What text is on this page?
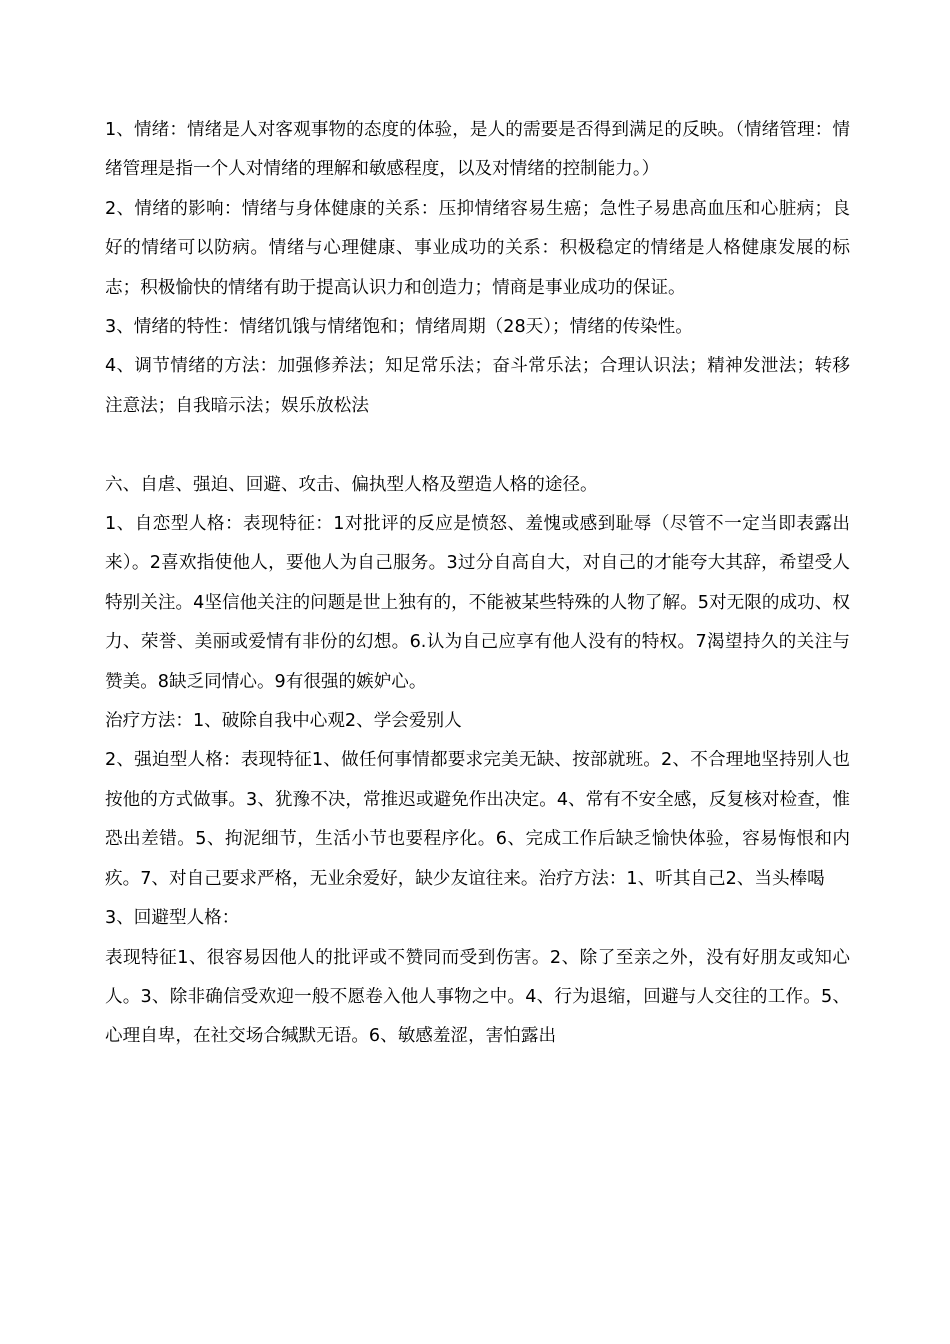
1、情绪：情绪是人对客观事物的态度的体验，是人的需要是否得到满足的反映。（情绪管理：情绪管理是指一个人对情绪的理解和敏感程度，以及对情绪的控制能力。）

2、情绪的影响：情绪与身体健康的关系：压抑情绪容易生癌；急性子易患高血压和心脏病；良好的情绪可以防病。情绪与心理健康、事业成功的关系：积极稳定的情绪是人格健康发展的标志；积极愉快的情绪有助于提高认识力和创造力；情商是事业成功的保证。

3、情绪的特性：情绪饥饿与情绪饱和；情绪周期（28天）；情绪的传染性。

4、调节情绪的方法：加强修养法；知足常乐法；奋斗常乐法；合理认识法；精神发泄法；转移注意法；自我暗示法；娱乐放松法

六、自虐、强迫、回避、攻击、偏执型人格及塑造人格的途径。

1、自恋型人格：表现特征：1对批评的反应是愤怒、羞愧或感到耻辱（尽管不一定当即表露出来）。2喜欢指使他人，要他人为自己服务。3过分自高自大，对自己的才能夸大其辞，希望受人特别关注。4坚信他关注的问题是世上独有的，不能被某些特殊的人物了解。5对无限的成功、权力、荣誉、美丽或爱情有非份的幻想。6.认为自己应享有他人没有的特权。7渴望持久的关注与赞美。8缺乏同情心。9有很强的嫉妒心。

治疗方法：1、破除自我中心观2、学会爱别人

2、强迫型人格：表现特征1、做任何事情都要求完美无缺、按部就班。2、不合理地坚持别人也按他的方式做事。3、犹豫不决，常推迟或避免作出决定。4、常有不安全感，反复核对检查，惟恐出差错。5、拘泥细节，生活小节也要程序化。6、完成工作后缺乏愉快体验，容易悔恨和内疚。7、对自己要求严格，无业余爱好，缺少友谊往来。治疗方法：1、听其自己2、当头棒喝

3、回避型人格：

表现特征1、很容易因他人的批评或不赞同而受到伤害。2、除了至亲之外，没有好朋友或知心人。3、除非确信受欢迎一般不愿卷入他人事物之中。4、行为退缩，回避与人交往的工作。5、心理自卑，在社交场合缄默无语。6、敏感羞涩，害怕露出
